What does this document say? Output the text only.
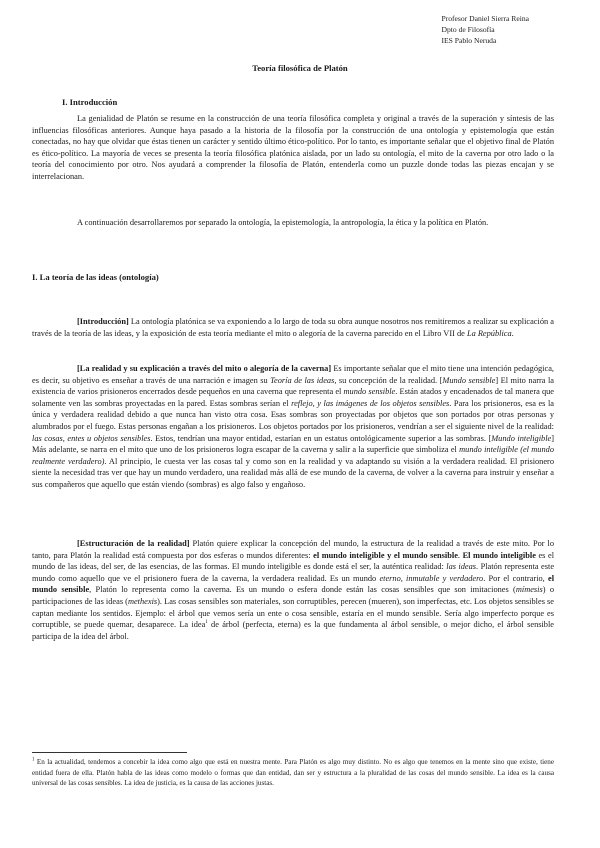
Profesor Daniel Sierra Reina
Dpto de Filosofía
IES Pablo Neruda
Teoría filosófica de Platón
I. Introducción

La genialidad de Platón se resume en la construcción de una teoría filosófica completa y original a través de la superación y síntesis de las influencias filosóficas anteriores. Aunque haya pasado a la historia de la filosofía por la construcción de una ontología y epistemología que están conectadas, no hay que olvidar que éstas tienen un carácter y sentido último ético-político. Por lo tanto, es importante señalar que el objetivo final de Platón es ético-político. La mayoría de veces se presenta la teoría filosófica platónica aislada, por un lado su ontología, el mito de la caverna por otro lado o la teoría del conocimiento por otro. Nos ayudará a comprender la filosofía de Platón, entenderla como un puzzle donde todas las piezas encajan y se interrelacionan.

A continuación desarrollaremos por separado la ontología, la epistemología, la antropología, la ética y la política en Platón.

I. La teoría de las ideas (ontología)

[Introducción] La ontología platónica se va exponiendo a lo largo de toda su obra aunque nosotros nos remitiremos a realizar su explicación a través de la teoría de las ideas, y la exposición de esta teoría mediante el mito o alegoría de la caverna parecido en el Libro VII de La República.

[La realidad y su explicación a través del mito o alegoría de la caverna] Es importante señalar que el mito tiene una intención pedagógica, es decir, su objetivo es enseñar a través de una narración e imagen su Teoría de las ideas, su concepción de la realidad. [Mundo sensible] El mito narra la existencia de varios prisioneros encerrados desde pequeños en una caverna que representa el mundo sensible. Están atados y encadenados de tal manera que solamente ven las sombras proyectadas en la pared. Estas sombras serían el reflejo, y las imágenes de los objetos sensibles. Para los prisioneros, esa es la única y verdadera realidad debido a que nunca han visto otra cosa. Esas sombras son proyectadas por objetos que son portados por otras personas y alumbrados por el fuego. Estas personas engañan a los prisioneros. Los objetos portados por los prisioneros, vendrían a ser el siguiente nivel de la realidad: las cosas, entes u objetos sensibles. Estos, tendrían una mayor entidad, estarían en un estatus ontológicamente superior a las sombras. [Mundo inteligible] Más adelante, se narra en el mito que uno de los prisioneros logra escapar de la caverna y salir a la superficie que simboliza el mundo inteligible (el mundo realmente verdadero). Al principio, le cuesta ver las cosas tal y como son en la realidad y va adaptando su visión a la verdadera realidad. El prisionero siente la necesidad tras ver que hay un mundo verdadero, una realidad más allá de ese mundo de la caverna, de volver a la caverna para instruir y enseñar a sus compañeros que aquello que están viendo (sombras) es algo falso y engañoso.

[Estructuración de la realidad] Platón quiere explicar la concepción del mundo, la estructura de la realidad a través de este mito. Por lo tanto, para Platón la realidad está compuesta por dos esferas o mundos diferentes: el mundo inteligible y el mundo sensible. El mundo inteligible es el mundo de las ideas, del ser, de las esencias, de las formas. El mundo inteligible es donde está el ser, la auténtica realidad: las ideas. Platón representa este mundo como aquello que ve el prisionero fuera de la caverna, la verdadera realidad. Es un mundo eterno, inmutable y verdadero. Por el contrario, el mundo sensible, Platón lo representa como la caverna. Es un mundo o esfera donde están las cosas sensibles que son imitaciones (mímesis) o participaciones de las ideas (methexis). Las cosas sensibles son materiales, son corruptibles, perecen (mueren), son imperfectas, etc. Los objetos sensibles se captan mediante los sentidos. Ejemplo: el árbol que vemos sería un ente o cosa sensible, estaría en el mundo sensible. Sería algo imperfecto porque es corruptible, se puede quemar, desaparece. La idea$^1$ de árbol (perfecta, eterna) es la que fundamenta al árbol sensible, o mejor dicho, el árbol sensible participa de la idea del árbol.

$^1$ En la actualidad, tendemos a concebir la idea como algo que está en nuestra mente. Para Platón es algo muy distinto. No es algo que tenemos en la mente sino que existe, tiene entidad fuera de ella. Platón habla de las ideas como modelo o formas que dan entidad, dan ser y estructura a la pluralidad de las cosas del mundo sensible. La idea es la causa universal de las cosas sensibles. La idea de justicia, es la causa de las acciones justas.
